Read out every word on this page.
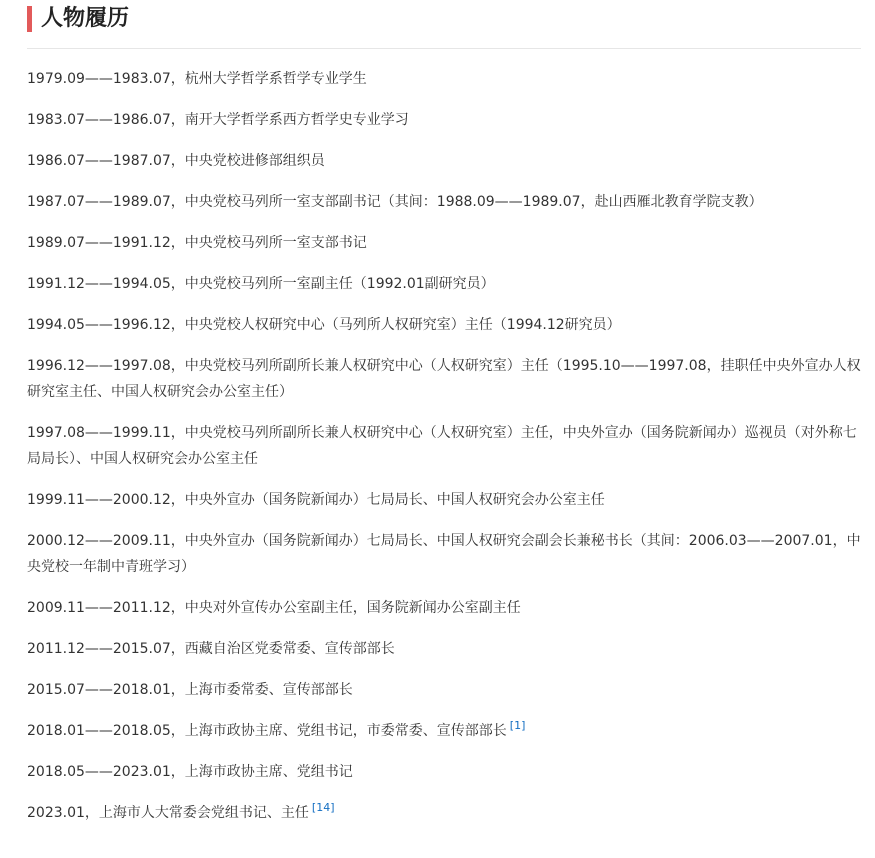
人物履历
1979.09——1983.07，杭州大学哲学系哲学专业学生
1983.07——1986.07，南开大学哲学系西方哲学史专业学习
1986.07——1987.07，中央党校进修部组织员
1987.07——1989.07，中央党校马列所一室支部副书记（其间：1988.09——1989.07，赴山西雁北教育学院支教）
1989.07——1991.12，中央党校马列所一室支部书记
1991.12——1994.05，中央党校马列所一室副主任（1992.01副研究员）
1994.05——1996.12，中央党校人权研究中心（马列所人权研究室）主任（1994.12研究员）
1996.12——1997.08，中央党校马列所副所长兼人权研究中心（人权研究室）主任（1995.10——1997.08，挂职任中央外宣办人权研究室主任、中国人权研究会办公室主任）
1997.08——1999.11，中央党校马列所副所长兼人权研究中心（人权研究室）主任，中央外宣办（国务院新闻办）巡视员（对外称七局局长）、中国人权研究会办公室主任
1999.11——2000.12，中央外宣办（国务院新闻办）七局局长、中国人权研究会办公室主任
2000.12——2009.11，中央外宣办（国务院新闻办）七局局长、中国人权研究会副会长兼秘书长（其间：2006.03——2007.01，中央党校一年制中青班学习）
2009.11——2011.12，中央对外宣传办公室副主任，国务院新闻办公室副主任
2011.12——2015.07，西藏自治区党委常委、宣传部部长
2015.07——2018.01，上海市委常委、宣传部部长
2018.01——2018.05，上海市政协主席、党组书记，市委常委、宣传部部长 [1]
2018.05——2023.01，上海市政协主席、党组书记
2023.01，上海市人大常委会党组书记、主任 [14]
